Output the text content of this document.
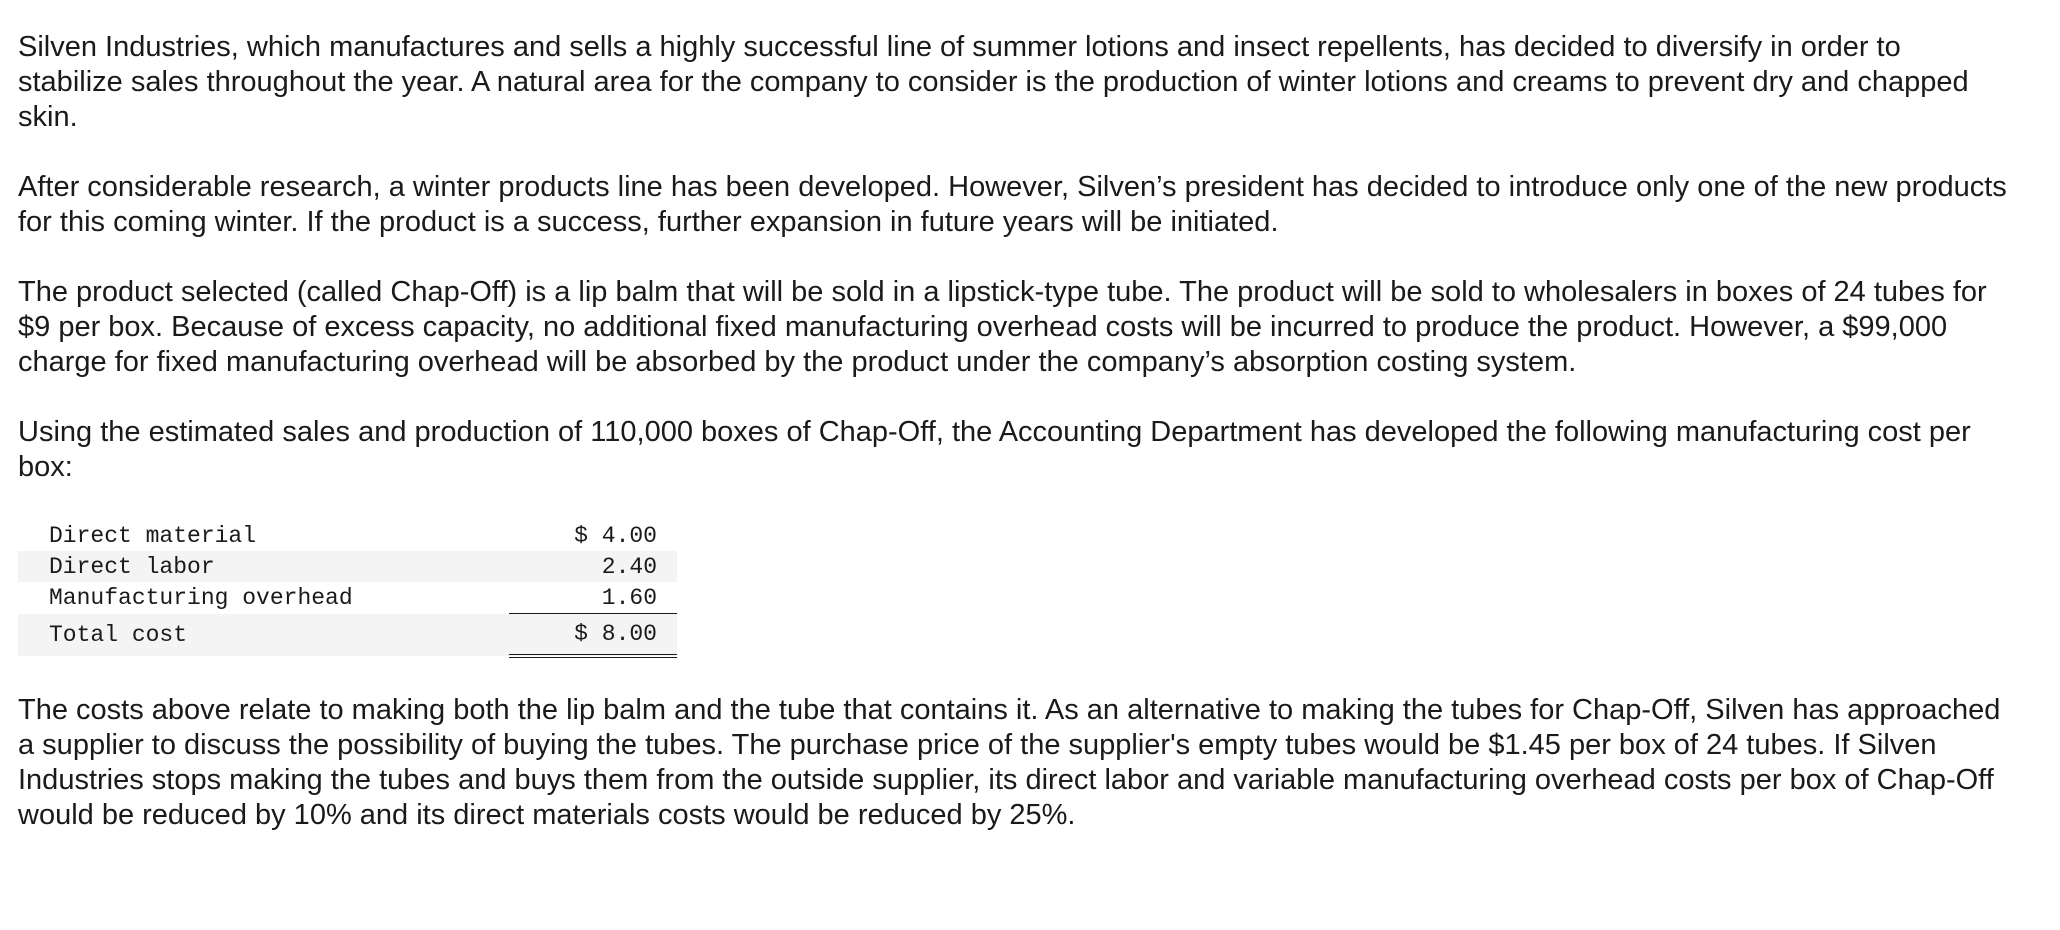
Silven Industries, which manufactures and sells a highly successful line of summer lotions and insect repellents, has decided to diversify in order to stabilize sales throughout the year. A natural area for the company to consider is the production of winter lotions and creams to prevent dry and chapped skin.

After considerable research, a winter products line has been developed. However, Silven’s president has decided to introduce only one of the new products for this coming winter. If the product is a success, further expansion in future years will be initiated.

The product selected (called Chap-Off) is a lip balm that will be sold in a lipstick-type tube. The product will be sold to wholesalers in boxes of 24 tubes for $9 per box. Because of excess capacity, no additional fixed manufacturing overhead costs will be incurred to produce the product. However, a $99,000 charge for fixed manufacturing overhead will be absorbed by the product under the company’s absorption costing system.

Using the estimated sales and production of 110,000 boxes of Chap-Off, the Accounting Department has developed the following manufacturing cost per box:

Direct material	$ 4.00
Direct labor	2.40
Manufacturing overhead	1.60
Total cost	$ 8.00

The costs above relate to making both the lip balm and the tube that contains it. As an alternative to making the tubes for Chap-Off, Silven has approached a supplier to discuss the possibility of buying the tubes. The purchase price of the supplier's empty tubes would be $1.45 per box of 24 tubes. If Silven Industries stops making the tubes and buys them from the outside supplier, its direct labor and variable manufacturing overhead costs per box of Chap-Off would be reduced by 10% and its direct materials costs would be reduced by 25%.
